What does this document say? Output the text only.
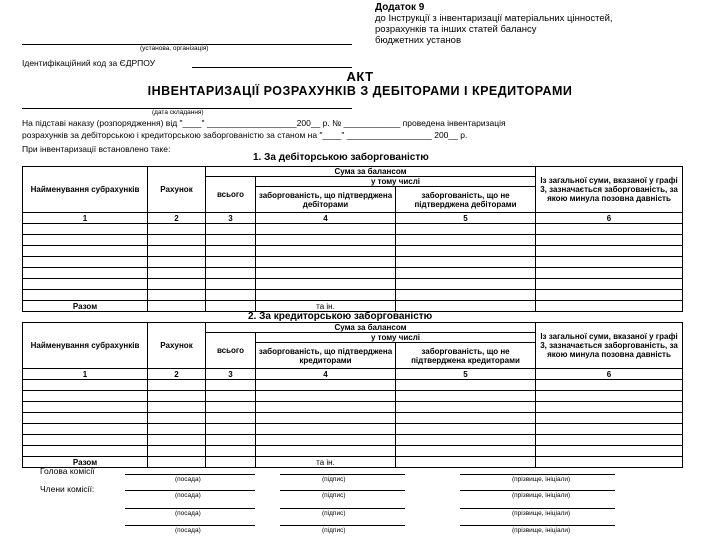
Додаток 9
до Інструкції з інвентаризації матеріальних цінностей,
розрахунків та інших статей балансу
бюджетних установ
(установа, організація)
Ідентифікаційний код за ЄДРПОУ
АКТ
ІНВЕНТАРИЗАЦІЇ РОЗРАХУНКІВ З ДЕБІТОРАМИ І КРЕДИТОРАМИ
(дата складання)
На підставі наказу (розпорядження) від "____" ___________________200__ р. № ____________ проведена інвентаризація
розрахунків за дебіторською і кредиторською заборгованістю за станом на "____" __________________ 200__ р.
При інвентаризації встановлено таке:
1. За дебіторською заборгованістю
Найменування субрахунків	Рахунок	Сума за балансом			Із загальної суми, вказаної у графі 3, зазначається заборгованість, за якою минула позовна давність
		всього	у тому числі		
			заборгованість, що підтверджена дебіторами	заборгованість, що не підтверджена дебіторами	
1	2	3	4	5	6

Разом			та ін.		
2. За кредиторською заборгованістю
Найменування субрахунків	Рахунок	Сума за балансом			Із загальної суми, вказаної у графі 3, зазначається заборгованість, за якою минула позовна давність
		всього	у тому числі		
			заборгованість, що підтверджена кредиторами	заборгованість, що не підтверджена кредиторами	
1	2	3	4	5	6

Разом			та ін.		
Голова комісії
(посада)	(підпис)	(прізвище, ініціали)
Члени комісії:
(посада)	(підпис)	(прізвище, ініціали)
(посада)	(підпис)	(прізвище, ініціали)
(посада)	(підпис)	(прізвище, ініціали)
